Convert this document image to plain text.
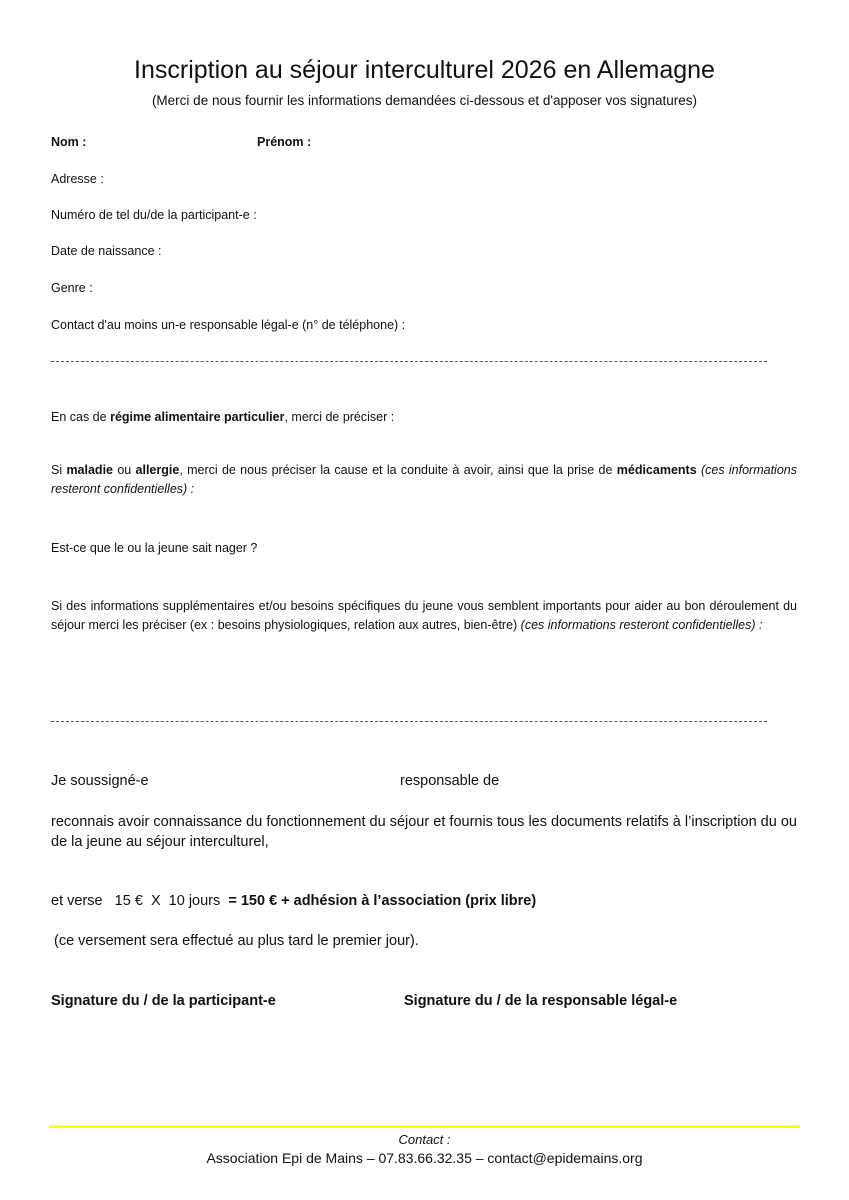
Inscription au séjour interculturel 2026 en Allemagne
(Merci de nous fournir les informations demandées ci-dessous et d'apposer vos signatures)
Nom :	Prénom :
Adresse :
Numéro de tel du/de la participant-e :
Date de naissance :
Genre :
Contact d'au moins un-e responsable légal-e (n° de téléphone) :
En cas de régime alimentaire particulier, merci de préciser :
Si maladie ou allergie, merci de nous préciser la cause et la conduite à avoir, ainsi que la prise de médicaments (ces informations resteront confidentielles) :
Est-ce que le ou la jeune sait nager ?
Si des informations supplémentaires et/ou besoins spécifiques du jeune vous semblent importants pour aider au bon déroulement du séjour merci les préciser (ex : besoins physiologiques, relation aux autres, bien-être) (ces informations resteront confidentielles) :
Je soussigné-e	responsable de
reconnais avoir connaissance du fonctionnement du séjour et fournis tous les documents relatifs à l’inscription du ou de la jeune au séjour interculturel,
et verse   15 €  X  10 jours  = 150 € + adhésion à l’association (prix libre)
(ce versement sera effectué au plus tard le premier jour).
Signature du / de la participant-e	Signature du / de la responsable légal-e
Contact :
Association Epi de Mains – 07.83.66.32.35 – contact@epidemains.org
